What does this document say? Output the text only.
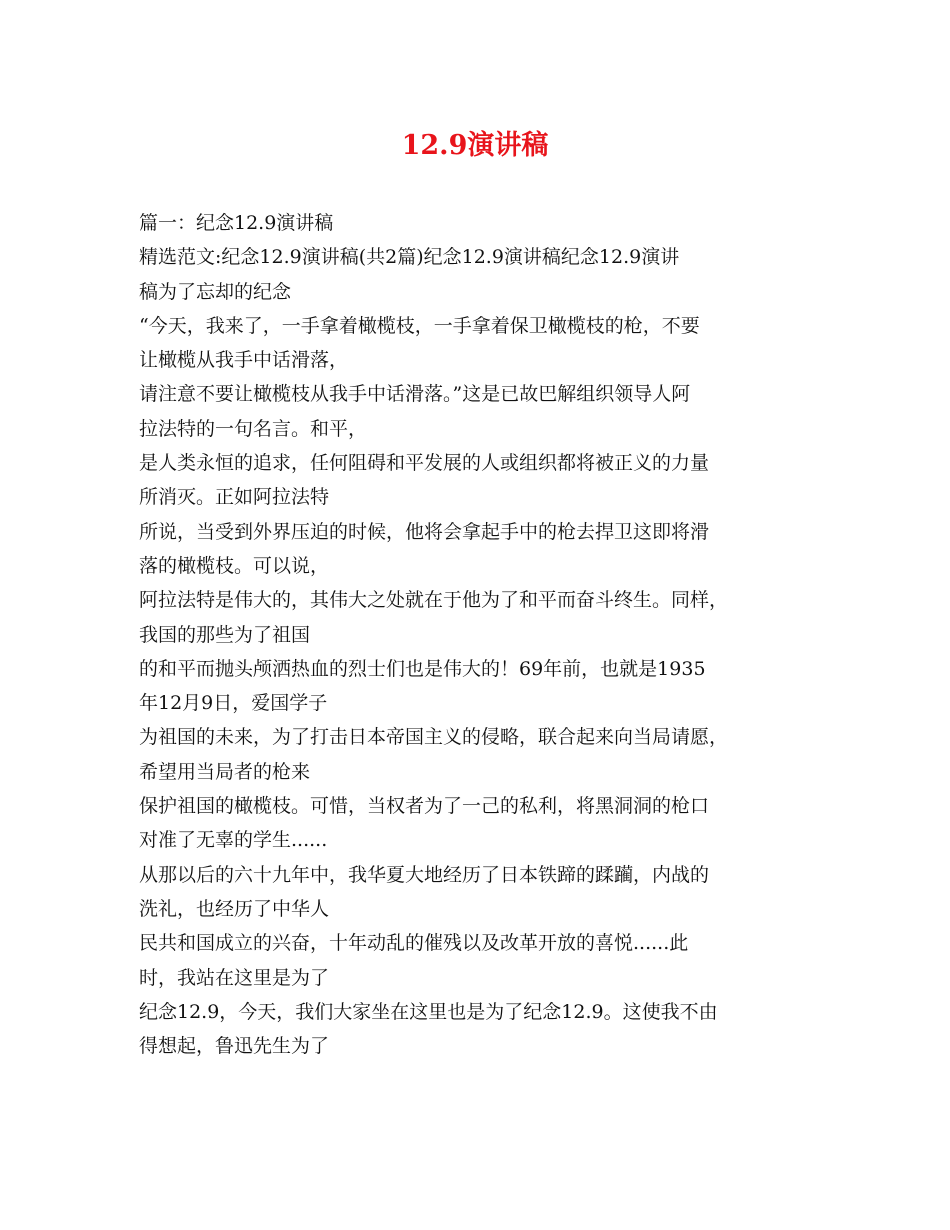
12.9演讲稿
篇一：纪念12.9演讲稿
精选范文:纪念12.9演讲稿(共2篇)纪念12.9演讲稿纪念12.9演讲
稿为了忘却的纪念
“今天，我来了，一手拿着橄榄枝，一手拿着保卫橄榄枝的枪，不要
让橄榄从我手中话滑落，
请注意不要让橄榄枝从我手中话滑落。”这是已故巴解组织领导人阿
拉法特的一句名言。和平，
是人类永恒的追求，任何阻碍和平发展的人或组织都将被正义的力量
所消灭。正如阿拉法特
所说，当受到外界压迫的时候，他将会拿起手中的枪去捍卫这即将滑
落的橄榄枝。可以说，
阿拉法特是伟大的，其伟大之处就在于他为了和平而奋斗终生。同样，
我国的那些为了祖国
的和平而抛头颅洒热血的烈士们也是伟大的！69年前，也就是1935
年12月9日，爱国学子
为祖国的未来，为了打击日本帝国主义的侵略，联合起来向当局请愿，
希望用当局者的枪来
保护祖国的橄榄枝。可惜，当权者为了一己的私利，将黑洞洞的枪口
对准了无辜的学生......
从那以后的六十九年中，我华夏大地经历了日本铁蹄的蹂躏，内战的
洗礼，也经历了中华人
民共和国成立的兴奋，十年动乱的催残以及改革开放的喜悦......此
时，我站在这里是为了
纪念12.9，今天，我们大家坐在这里也是为了纪念12.9。这使我不由
得想起，鲁迅先生为了
